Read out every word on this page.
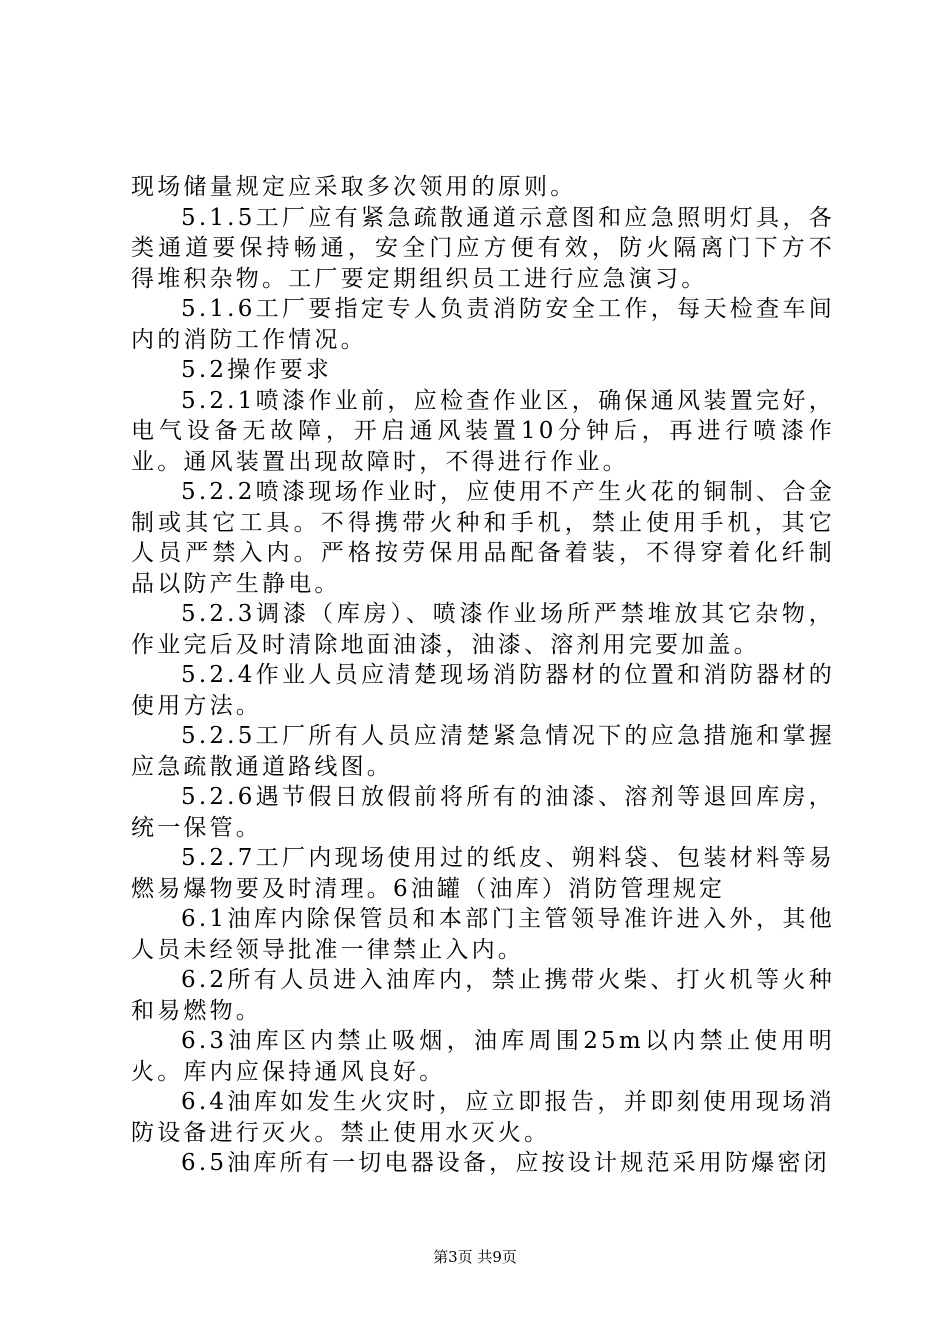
现场储量规定应采取多次领用的原则。

5.1.5工厂应有紧急疏散通道示意图和应急照明灯具，各类通道要保持畅通，安全门应方便有效，防火隔离门下方不得堆积杂物。工厂要定期组织员工进行应急演习。

5.1.6工厂要指定专人负责消防安全工作，每天检查车间内的消防工作情况。

5.2操作要求

5.2.1喷漆作业前，应检查作业区，确保通风装置完好，电气设备无故障，开启通风装置10分钟后，再进行喷漆作业。通风装置出现故障时，不得进行作业。

5.2.2喷漆现场作业时，应使用不产生火花的铜制、合金制或其它工具。不得携带火种和手机，禁止使用手机，其它人员严禁入内。严格按劳保用品配备着装，不得穿着化纤制品以防产生静电。

5.2.3调漆（库房）、喷漆作业场所严禁堆放其它杂物，作业完后及时清除地面油漆，油漆、溶剂用完要加盖。

5.2.4作业人员应清楚现场消防器材的位置和消防器材的使用方法。

5.2.5工厂所有人员应清楚紧急情况下的应急措施和掌握应急疏散通道路线图。

5.2.6遇节假日放假前将所有的油漆、溶剂等退回库房，统一保管。

5.2.7工厂内现场使用过的纸皮、朔料袋、包装材料等易燃易爆物要及时清理。6油罐（油库）消防管理规定

6.1油库内除保管员和本部门主管领导准许进入外，其他人员未经领导批准一律禁止入内。

6.2所有人员进入油库内，禁止携带火柴、打火机等火种和易燃物。

6.3油库区内禁止吸烟，油库周围25m以内禁止使用明火。库内应保持通风良好。

6.4油库如发生火灾时，应立即报告，并即刻使用现场消防设备进行灭火。禁止使用水灭火。

6.5油库所有一切电器设备，应按设计规范采用防爆密闭

第3页 共9页
